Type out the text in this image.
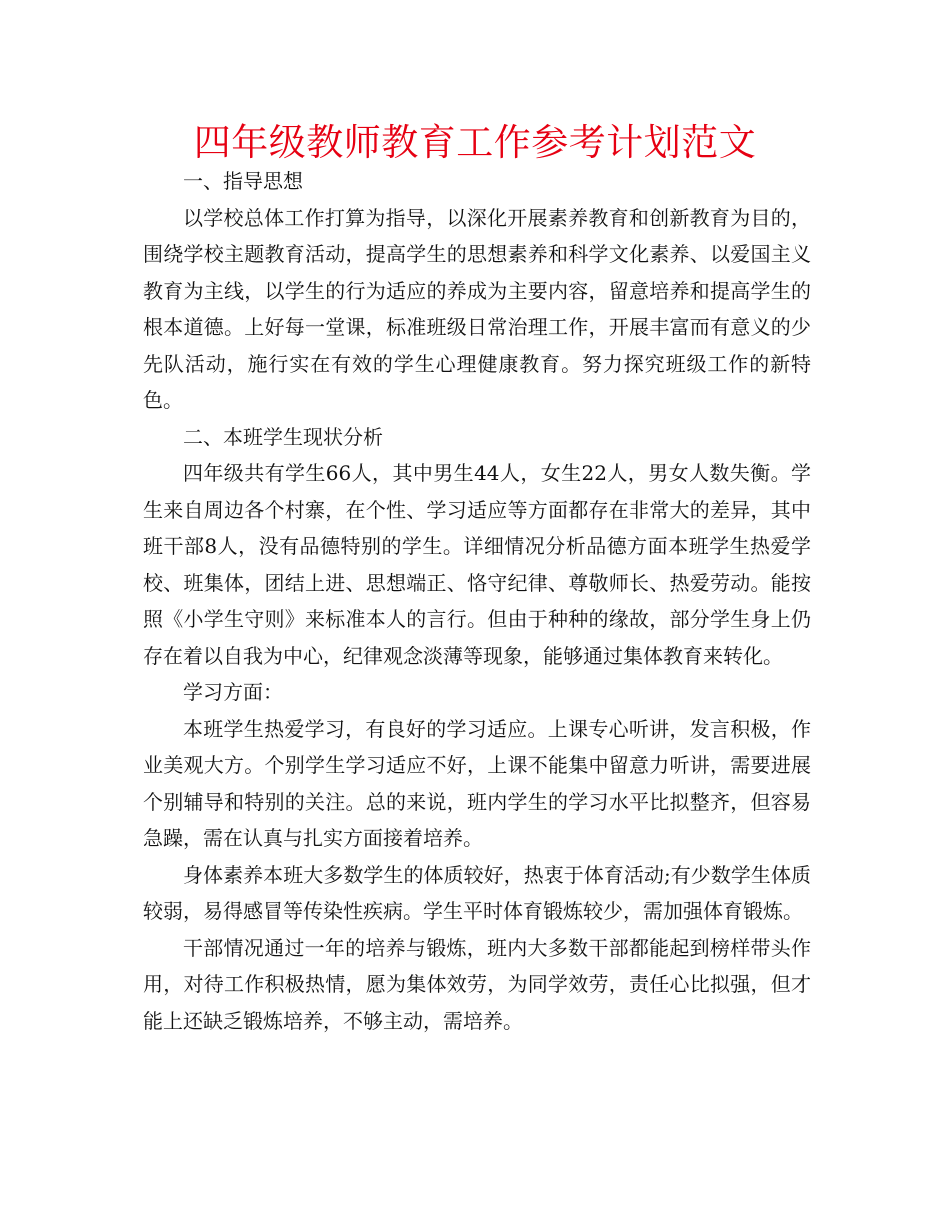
四年级教师教育工作参考计划范文

一、指导思想

以学校总体工作打算为指导，以深化开展素养教育和创新教育为目的，围绕学校主题教育活动，提高学生的思想素养和科学文化素养、以爱国主义教育为主线，以学生的行为适应的养成为主要内容，留意培养和提高学生的根本道德。上好每一堂课，标准班级日常治理工作，开展丰富而有意义的少先队活动，施行实在有效的学生心理健康教育。努力探究班级工作的新特色。

二、本班学生现状分析

四年级共有学生66人，其中男生44人，女生22人，男女人数失衡。学生来自周边各个村寨，在个性、学习适应等方面都存在非常大的差异，其中班干部8人，没有品德特别的学生。详细情况分析品德方面本班学生热爱学校、班集体，团结上进、思想端正、恪守纪律、尊敬师长、热爱劳动。能按照《小学生守则》来标准本人的言行。但由于种种的缘故，部分学生身上仍存在着以自我为中心，纪律观念淡薄等现象，能够通过集体教育来转化。

学习方面：

本班学生热爱学习，有良好的学习适应。上课专心听讲，发言积极，作业美观大方。个别学生学习适应不好，上课不能集中留意力听讲，需要进展个别辅导和特别的关注。总的来说，班内学生的学习水平比拟整齐，但容易急躁，需在认真与扎实方面接着培养。

身体素养本班大多数学生的体质较好，热衷于体育活动;有少数学生体质较弱，易得感冒等传染性疾病。学生平时体育锻炼较少，需加强体育锻炼。

干部情况通过一年的培养与锻炼，班内大多数干部都能起到榜样带头作用，对待工作积极热情，愿为集体效劳，为同学效劳，责任心比拟强，但才能上还缺乏锻炼培养，不够主动，需培养。
